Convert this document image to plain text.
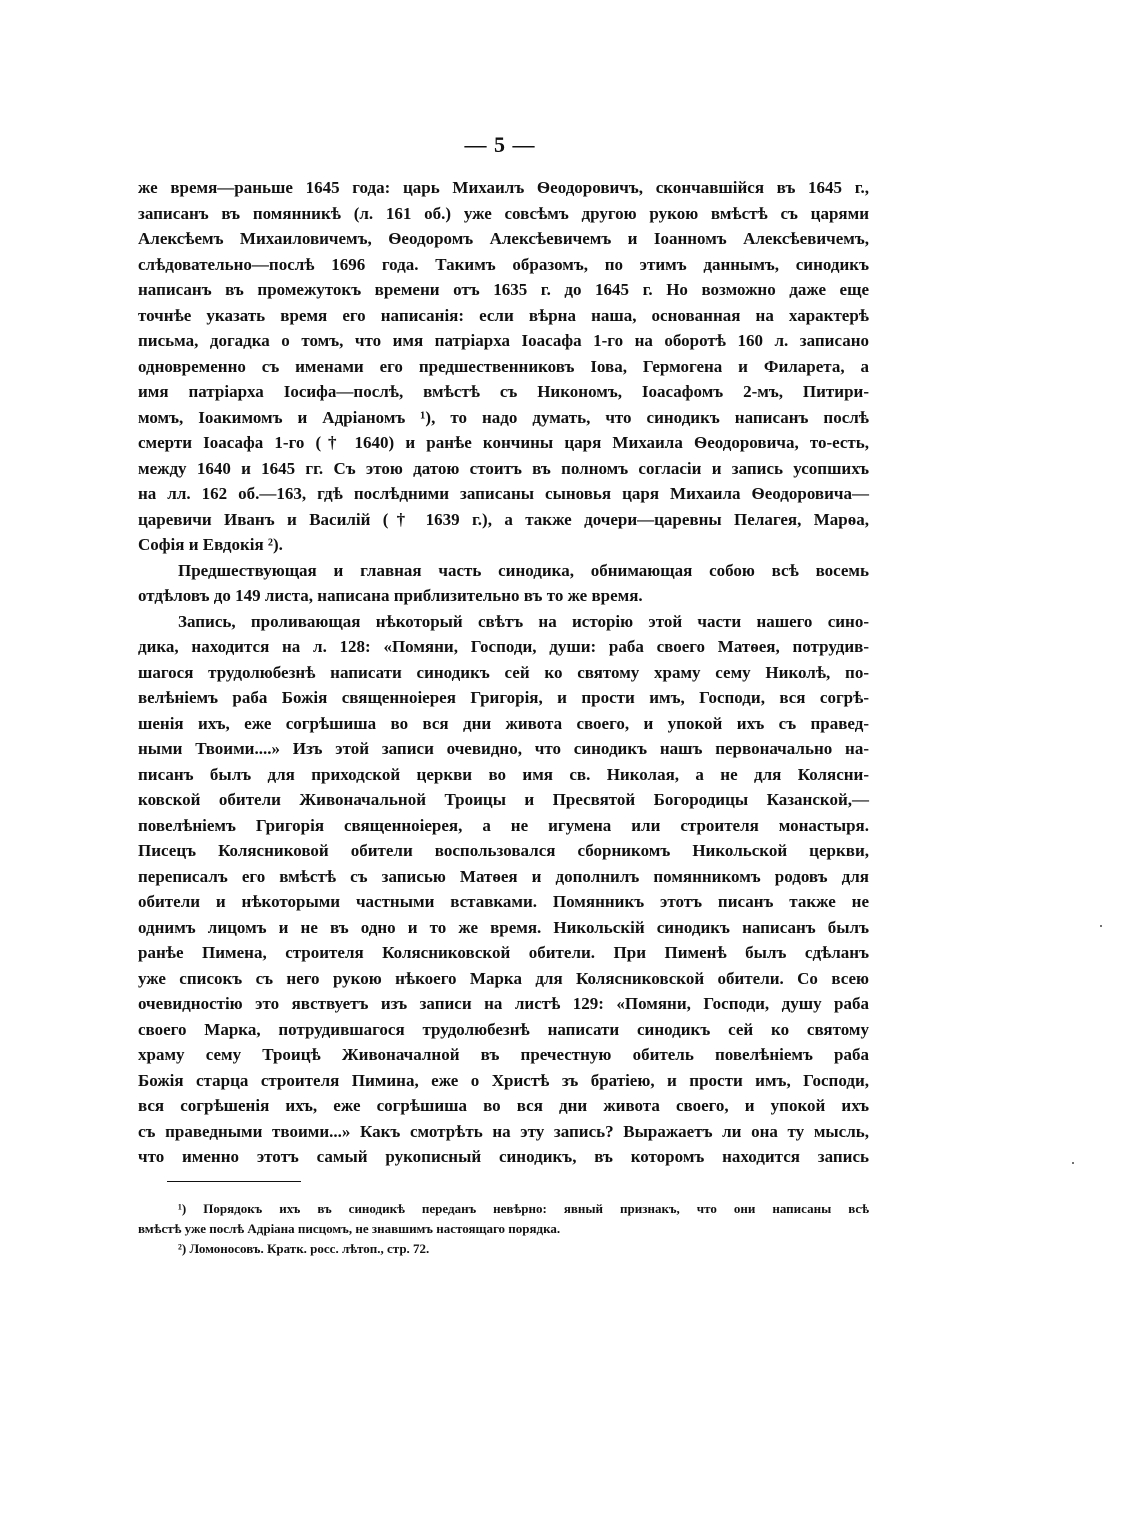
— 5 —

же время—раньше 1645 года: царь Михаилъ Ѳеодоровичъ, скончавшійся въ 1645 г.,
записанъ въ помянникѣ (л. 161 об.) уже совсѣмъ другою рукою вмѣстѣ съ царями
Алексѣемъ Михаиловичемъ, Ѳеодоромъ Алексѣевичемъ и Іоанномъ Алексѣевичемъ,
слѣдовательно—послѣ 1696 года. Такимъ образомъ, по этимъ даннымъ, синодикъ
написанъ въ промежутокъ времени отъ 1635 г. до 1645 г. Но возможно даже еще
точнѣе указать время его написанія: если вѣрна наша, основанная на характерѣ
письма, догадка о томъ, что имя патріарха Іоасафа 1-го на оборотѣ 160 л. записано
одновременно съ именами его предшественниковъ Іова, Гермогена и Филарета, а
имя патріарха Іосифа—послѣ, вмѣстѣ съ Никономъ, Іоасафомъ 2-мъ, Питири-
момъ, Іоакимомъ и Адріаномъ ¹), то надо думать, что синодикъ написанъ послѣ
смерти Іоасафа 1-го († 1640) и ранѣе кончины царя Михаила Ѳеодоровича, то-есть,
между 1640 и 1645 гг. Съ этою датою стоитъ въ полномъ согласіи и запись усопшихъ
на лл. 162 об.—163, гдѣ послѣдними записаны сыновья царя Михаила Ѳеодоровича—
царевичи Иванъ и Василій († 1639 г.), а также дочери—царевны Пелагея, Марѳа,
Софія и Евдокія ²).

Предшествующая и главная часть синодика, обнимающая собою всѣ восемь
отдѣловъ до 149 листа, написана приблизительно въ то же время.

Запись, проливающая нѣкоторый свѣтъ на исторію этой части нашего сино-
дика, находится на л. 128: «Помяни, Господи, души: раба своего Матѳея, потрудив-
шагося трудолюбезнѣ написати синодикъ сей ко святому храму сему Николѣ, по-
велѣніемъ раба Божія священноіерея Григорія, и прости имъ, Господи, вся согрѣ-
шенія ихъ, еже согрѣшиша во вся дни живота своего, и упокой ихъ съ правед-
ными Твоими....» Изъ этой записи очевидно, что синодикъ нашъ первоначально на-
писанъ былъ для приходской церкви во имя св. Николая, а не для Колясни-
ковской обители Живоначальной Троицы и Пресвятой Богородицы Казанской,—
повелѣніемъ Григорія священноіерея, а не игумена или строителя монастыря.
Писецъ Колясниковой обители воспользовался сборникомъ Никольской церкви,
переписалъ его вмѣстѣ съ записью Матѳея и дополнилъ помянникомъ родовъ для
обители и нѣкоторыми частными вставками. Помянникъ этотъ писанъ также не
однимъ лицомъ и не въ одно и то же время. Никольскій синодикъ написанъ былъ
ранѣе Пимена, строителя Колясниковской обители. При Пименѣ былъ сдѣланъ
уже списокъ съ него рукою нѣкоего Марка для Колясниковской обители. Со всею
очевидностію это явствуетъ изъ записи на листѣ 129: «Помяни, Господи, душу раба
своего Марка, потрудившагося трудолюбезнѣ написати синодикъ сей ко святому
храму сему Троицѣ Живоначалной въ пречестную обитель повелѣніемъ раба
Божія старца строителя Пимина, еже о Христѣ зъ братіею, и прости имъ, Господи,
вся согрѣшенія ихъ, еже согрѣшиша во вся дни живота своего, и упокой ихъ
съ праведными твоими...» Какъ смотрѣть на эту запись? Выражаетъ ли она ту мысль,
что именно этотъ самый рукописный синодикъ, въ которомъ находится запись

¹) Порядокъ ихъ въ синодикѣ переданъ невѣрно: явный признакъ, что они написаны всѣ
вмѣстѣ уже послѣ Адріана писцомъ, не знавшимъ настоящаго порядка.
²) Ломоносовъ. Кратк. росс. лѣтоп., стр. 72.
